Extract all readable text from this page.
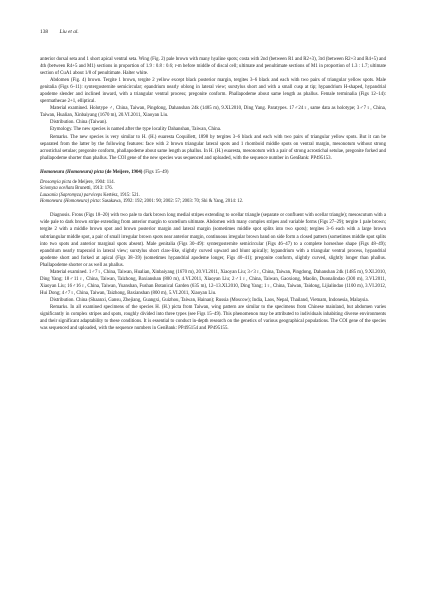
138 Liu et al.

anterior dorsal seta and 1 short apical ventral seta. Wing (Fig. 2) pale brown with many hyaline spots; costa with 2nd (between R1 and R2+3), 3rd (between R2+3 and R4+5) and 4th (between R4+5 and M1) sections in proportion of 1.9 : 0.8 : 0.6; r-m before middle of discal cell; ultimate and penultimate sections of M1 in proportion of 1.3 : 1.7; ultimate section of CuA1 about 1/8 of penultimate. Halter white.

Abdomen (Fig. 4) brown. Tergite 1 brown, tergite 2 yellow except black posterior margin, tergites 3–6 black and each with two pairs of triangular yellow spots. Male genitalia (Figs 6–11): syntergosternite semicircular; epandrium nearly oblong in lateral view; surstylus short and with a small cusp at tip; hypandrium H-shaped, hypandrial apodeme slender and inclined inward, with a triangular ventral process; pregonite conform. Phallapodeme about same length as phallus. Female terminalia (Figs 12–14): spermathecae 2+1, elliptical.

Material examined. Holotype ♂, China, Taiwan, Pingdong, Dahanshan 24k (1485 m), 9.XI.2010, Ding Yang. Paratypes. 17♂24♀, same data as holotype; 3♂7♀, China, Taiwan, Hualian, Xinbaiyang (1670 m), 20.VI.2011, Xiaoyan Liu.

Distribution. China (Taiwan).

Etymology. The new species is named after the type locality Dahanshan, Taiwan, China.

Remarks. The new species is very similar to H. (H.) euaresta Coquillett, 1898 by tergites 3–6 black and each with two pairs of triangular yellow spots. But it can be separated from the latter by the following features: face with 2 brown triangular lateral spots and 1 rhomboid middle spots on ventral margin, mesonotum without strong acrostichal setulae; pregonite conform, phallapodeme about same length as phallus. In H. (H.) euaresta, mesonotum with a pair of strong acrostichal setulae, pregonite forked and phallapodeme shorter than phallus. The COI gene of the new species was sequenced and uploaded, with the sequence number in GenBank: PP495153.

Homoneura (Homoneura) picta (de Meijere, 1904) (Figs 15–49)

Drosomyia picta de Meijere, 1904: 114.

Sciomyza ocellata Brunetti, 1913: 176.

Lauxania (Sapromyza) parviceps Kertész, 1915: 521.

Homoneura (Homoneura) picta: Sasakawa, 1992: 192; 2001: 90; 2002: 57; 2003: 70; Shi & Yang, 2014: 12.

Diagnosis. Frons (Figs 18–20) with two pale to dark brown long medial stripes extending to ocellar triangle (separate or confluent with ocellar triangle); mesoscutum with a wide pale to dark brown stripe extending from anterior margin to scutellum ultimate. Abdomen with many complex stripes and variable forms (Figs 27–29); tergite 1 pale brown; tergite 2 with a middle brown spot and brown posterior margin and lateral margin (sometimes middle spot splits into two spots); tergites 3–6 each with a large brown subtriangular middle spot, a pair of small irregular brown spots near anterior margin, continuous irregular brown band on side form a closed pattern (sometimes middle spot splits into two spots and anterior marginal spots absent). Male genitalia (Figs 30–49): syntergosternite semicircular (Figs 46–47) to a complete horseshoe shape (Figs 48–49); epandrium nearly trapezoid in lateral view; surstylus short claw-like, slightly curved upward and blunt apically; hypandrium with a triangular ventral process, hypandrial apodeme short and forked at apical (Figs 38–39) (sometimes hypandrial apodeme longer, Figs 40–41); pregonite conform, slightly curved, slightly longer than phallus. Phallapodeme shorter or as well as phallus.

Material examined. 1♂7♀, China, Taiwan, Hualian, Xinbaiyang (1670 m), 20.VI.2011, Xiaoyan Liu; 3♂3♀, China, Taiwan, Pingdong, Dahanshan 24k (1485 m), 9.XI.2010, Ding Yang; 18♂11♀, China, Taiwan, Taizhong, Baxianshan (800 m), 4.VI.2011, Xiaoyan Liu; 2♂1♀, China, Taiwan, Gaoxiong, Maolin, Duonalindao (300 m), 3.VI.2011, Xiaoyan Liu; 16♂16♀, China, Taiwan, Yuanshan, Fushan Botanical Garden (635 m), 12–13.XI.2010, Ding Yang; 1♀, China, Taiwan, Taidong, Lijialindao (1100 m), 3.VI.2012, Hui Dong; 4♂7♀, China, Taiwan, Taizhong, Baxianshan (800 m), 5.VI.2011, Xiaoyan Liu.

Distribution. China (Shaanxi, Gansu, Zhejiang, Guangxi, Guizhou, Taiwan, Hainan); Russia (Moscow); India, Laos, Nepal, Thailand, Vietnam, Indonesia, Malaysia.

Remarks. In all examined specimens of the species H. (H.) picta from Taiwan, wing pattern are similar to the specimens from Chinese mainland, but abdomen varies significantly in complex stripes and spots, roughly divided into three types (see Figs 15–49). This phenomenon may be attributed to individuals inhabiting diverse environments and their significant adaptability to these conditions. It is essential to conduct in-depth research on the genetics of various geographical populations. The COI gene of the species was sequenced and uploaded, with the sequence numbers in GenBank: PP495154 and PP495155.
